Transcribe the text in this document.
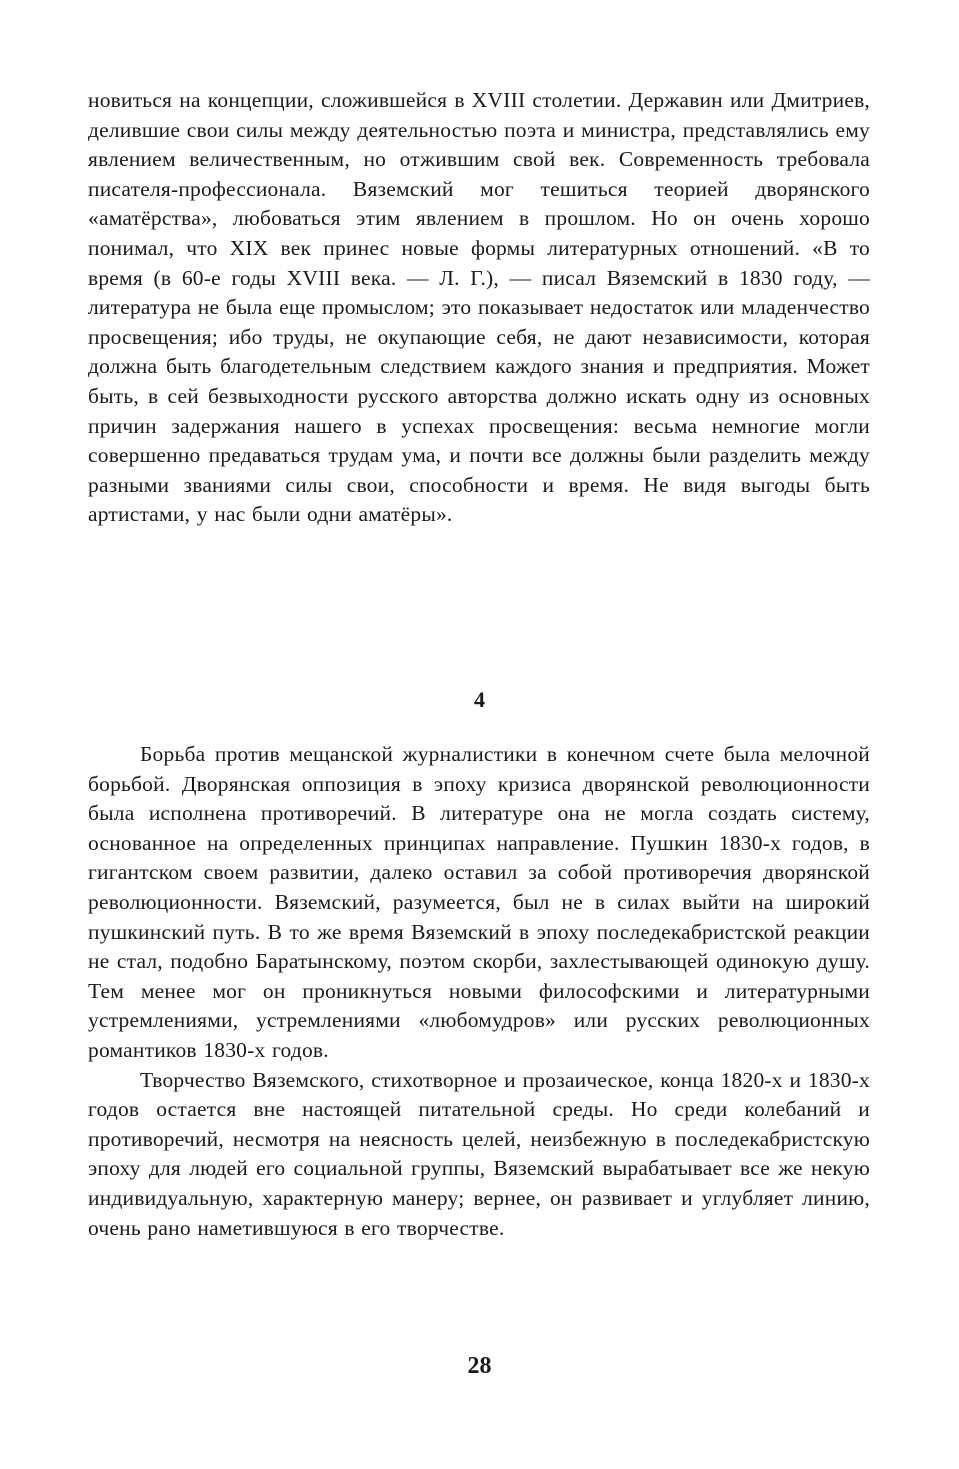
новиться на концепции, сложившейся в XVIII столетии. Державин или Дмитриев, делившие свои силы между деятельностью поэта и министра, представлялись ему явлением величественным, но отжившим свой век. Современность требовала писателя-профессионала. Вяземский мог тешиться теорией дворянского «аматёрства», любоваться этим явлением в прошлом. Но он очень хорошо понимал, что XIX век принес новые формы литературных отношений. «В то время (в 60-е годы XVIII века. — Л. Г.), — писал Вяземский в 1830 году, — литература не была еще промыслом; это показывает недостаток или младенчество просвещения; ибо труды, не окупающие себя, не дают независимости, которая должна быть благодетельным следствием каждого знания и предприятия. Может быть, в сей безвыходности русского авторства должно искать одну из основных причин задержания нашего в успехах просвещения: весьма немногие могли совершенно предаваться трудам ума, и почти все должны были разделить между разными званиями силы свои, способности и время. Не видя выгоды быть артистами, у нас были одни аматёры».

4

Борьба против мещанской журналистики в конечном счете была мелочной борьбой. Дворянская оппозиция в эпоху кризиса дворянской революционности была исполнена противоречий. В литературе она не могла создать систему, основанное на определенных принципах направление. Пушкин 1830-х годов, в гигантском своем развитии, далеко оставил за собой противоречия дворянской революционности. Вяземский, разумеется, был не в силах выйти на широкий пушкинский путь. В то же время Вяземский в эпоху последекабристской реакции не стал, подобно Баратынскому, поэтом скорби, захлестывающей одинокую душу. Тем менее мог он проникнуться новыми философскими и литературными устремлениями, устремлениями «любомудров» или русских революционных романтиков 1830-х годов.

Творчество Вяземского, стихотворное и прозаическое, конца 1820-х и 1830-х годов остается вне настоящей питательной среды. Но среди колебаний и противоречий, несмотря на неясность целей, неизбежную в последекабристскую эпоху для людей его социальной группы, Вяземский вырабатывает все же некую индивидуальную, характерную манеру; вернее, он развивает и углубляет линию, очень рано наметившуюся в его творчестве.

28
